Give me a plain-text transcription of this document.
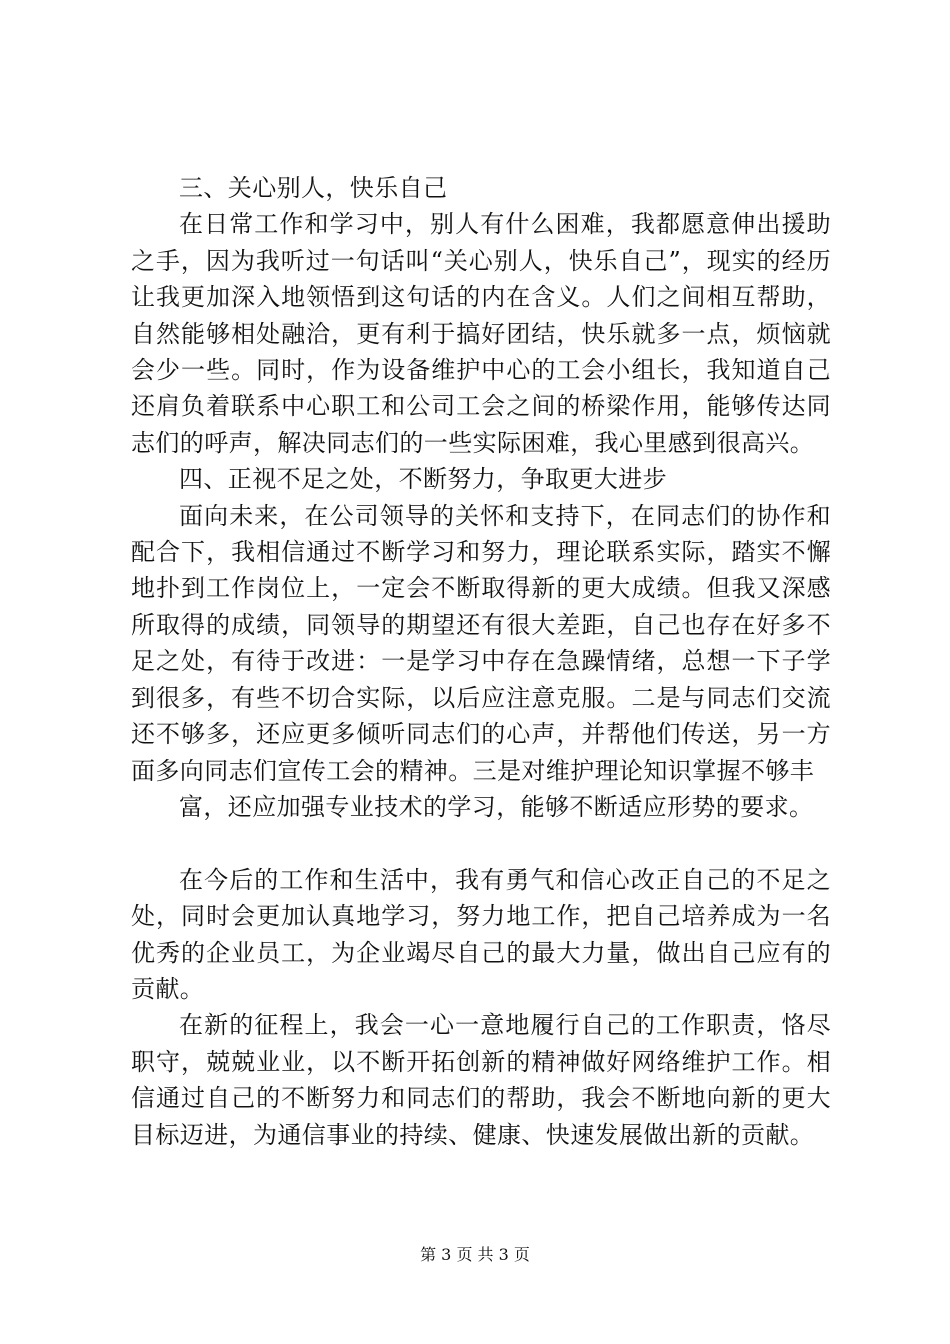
三、关心别人，快乐自己

在日常工作和学习中，别人有什么困难，我都愿意伸出援助之手，因为我听过一句话叫“关心别人，快乐自己”，现实的经历让我更加深入地领悟到这句话的内在含义。人们之间相互帮助，自然能够相处融洽，更有利于搞好团结，快乐就多一点，烦恼就会少一些。同时，作为设备维护中心的工会小组长，我知道自己还肩负着联系中心职工和公司工会之间的桥梁作用，能够传达同志们的呼声，解决同志们的一些实际困难，我心里感到很高兴。

四、正视不足之处，不断努力，争取更大进步

面向未来，在公司领导的关怀和支持下，在同志们的协作和配合下，我相信通过不断学习和努力，理论联系实际，踏实不懈地扑到工作岗位上，一定会不断取得新的更大成绩。但我又深感所取得的成绩，同领导的期望还有很大差距，自己也存在好多不足之处，有待于改进：一是学习中存在急躁情绪，总想一下子学到很多，有些不切合实际，以后应注意克服。二是与同志们交流还不够多，还应更多倾听同志们的心声，并帮他们传送，另一方面多向同志们宣传工会的精神。三是对维护理论知识掌握不够丰

富，还应加强专业技术的学习，能够不断适应形势的要求。

在今后的工作和生活中，我有勇气和信心改正自己的不足之处，同时会更加认真地学习，努力地工作，把自己培养成为一名优秀的企业员工，为企业竭尽自己的最大力量，做出自己应有的贡献。

在新的征程上，我会一心一意地履行自己的工作职责，恪尽职守，兢兢业业，以不断开拓创新的精神做好网络维护工作。相信通过自己的不断努力和同志们的帮助，我会不断地向新的更大目标迈进，为通信事业的持续、健康、快速发展做出新的贡献。

第 3 页 共 3 页
